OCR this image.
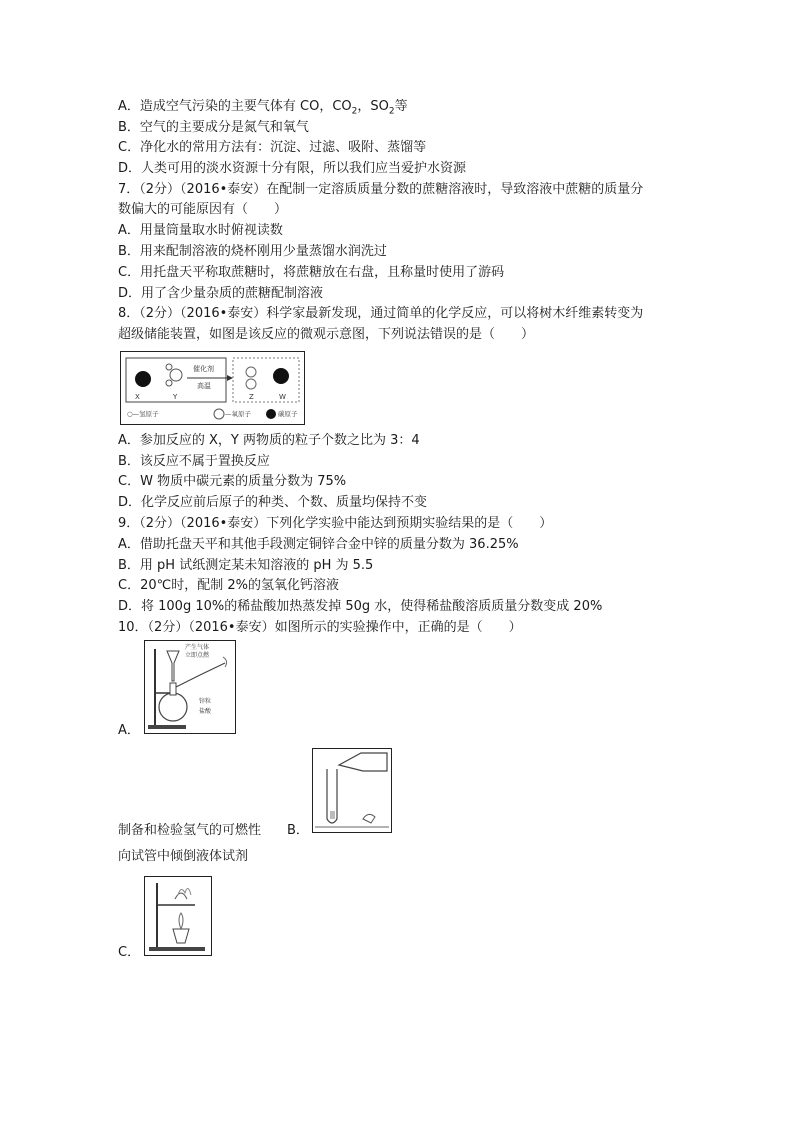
A．造成空气污染的主要气体有 CO，$CO_2$，$SO_2$等
B．空气的主要成分是氮气和氧气
C．净化水的常用方法有：沉淀、过滤、吸附、蒸馏等
D．人类可用的淡水资源十分有限，所以我们应当爱护水资源
7．（2分）（2016•泰安）在配制一定溶质质量分数的蔗糖溶液时，导致溶液中蔗糖的质量分
数偏大的可能原因有（　　）
A．用量筒量取水时俯视读数
B．用来配制溶液的烧杯刚用少量蒸馏水润洗过
C．用托盘天平称取蔗糖时，将蔗糖放在右盘，且称量时使用了游码
D．用了含少量杂质的蔗糖配制溶液
8．（2分）（2016•泰安）科学家最新发现，通过简单的化学反应，可以将树木纤维素转变为
超级储能装置，如图是该反应的微观示意图，下列说法错误的是（　　）
X	Y
催化剂
高温
Z	W
○—氢原子	—氧原子	碳原子
A．参加反应的 X，Y 两物质的粒子个数之比为 3：4
B．该反应不属于置换反应
C．W 物质中碳元素的质量分数为 75%
D．化学反应前后原子的种类、个数、质量均保持不变
9．（2分）（2016•泰安）下列化学实验中能达到预期实验结果的是（　　）
A．借助托盘天平和其他手段测定铜锌合金中锌的质量分数为 36.25%
B．用 pH 试纸测定某未知溶液的 pH 为 5.5
C．20℃时，配制 2%的氢氧化钙溶液
D．将 100g 10%的稀盐酸加热蒸发掉 50g 水，使得稀盐酸溶质质量分数变成 20%
10．（2分）（2016•泰安）如图所示的实验操作中，正确的是（　　）
产生气体
立即点燃
锌粒
盐酸
A．
制备和检验氢气的可燃性 B．
向试管中倾倒液体试剂
C．
